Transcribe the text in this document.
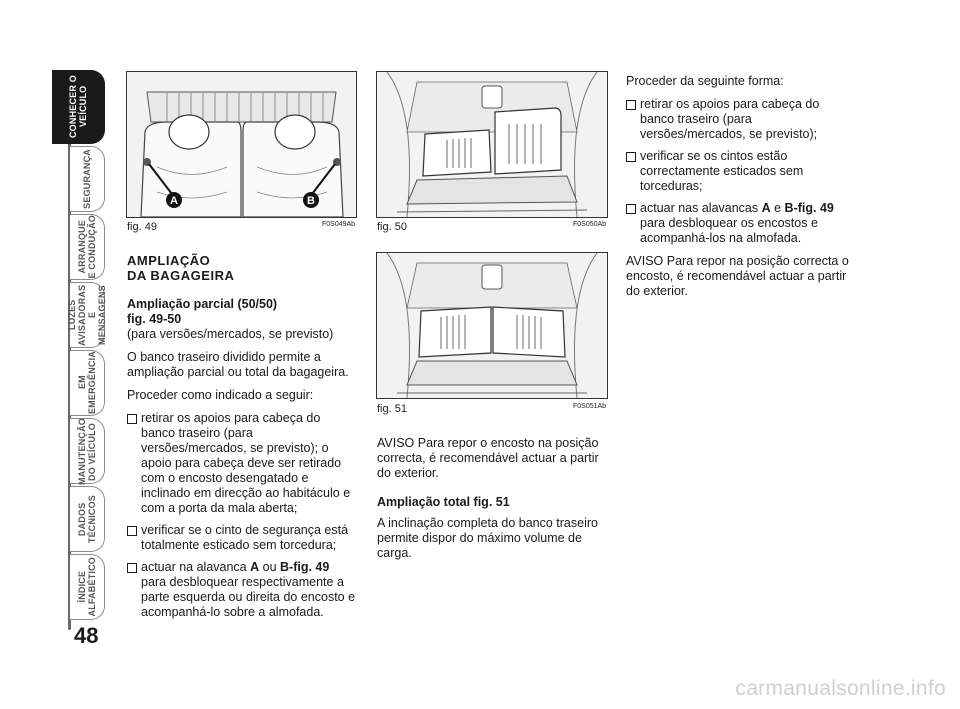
CONHECER O
VEÍCULO
SEGURANÇA
ARRANQUE
E CONDUÇÃO
LUZES
AVISADORAS
E MENSAGENS
EM
EMERGÊNCIA
MANUTENÇÃO
DO VEÍCULO
DADOS
TÉCNICOS
ÍNDICE
ALFABÉTICO
48
A	B
fig. 49	F0S049Ab fig. 50	F0S050Ab
fig. 51	F0S051Ab
AMPLIAÇÃO
DA BAGAGEIRA
Ampliação parcial (50/50)
fig. 49-50

(para versões/mercados, se previsto)

O banco traseiro dividido permite a ampliação parcial ou total da bagageira.

Proceder como indicado a seguir:

retirar os apoios para cabeça do banco traseiro (para versões/mercados, se previsto); o apoio para cabeça deve ser retirado com o encosto desengatado e inclinado em direcção ao habitáculo e com a porta da mala aberta;
verificar se o cinto de segurança está totalmente esticado sem torcedura;
actuar na alavanca A ou B-fig. 49 para desbloquear respectivamente a parte esquerda ou direita do encosto e acompanhá-lo sobre a almofada.

AVISO Para repor o encosto na posição correcta, é recomendável actuar a partir do exterior.

Ampliação total fig. 51

A inclinação completa do banco traseiro permite dispor do máximo volume de carga.

Proceder da seguinte forma:

retirar os apoios para cabeça do banco traseiro (para versões/mercados, se previsto);
verificar se os cintos estão correctamente esticados sem torceduras;
actuar nas alavancas A e B-fig. 49 para desbloquear os encostos e acompanhá-los na almofada.

AVISO Para repor na posição correcta o encosto, é recomendável actuar a partir do exterior.

carmanualsonline.info
